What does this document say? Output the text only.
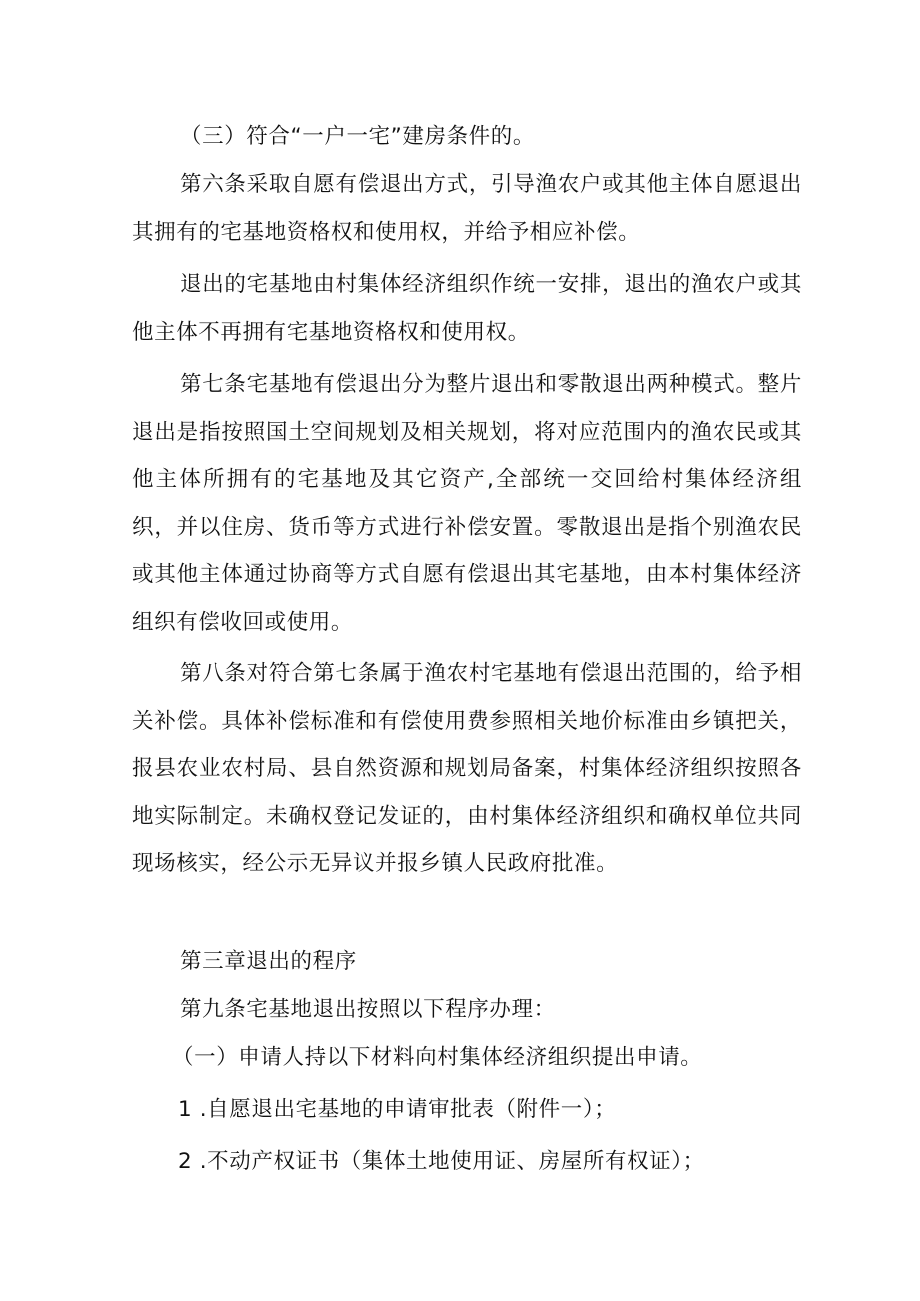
（三）符合“一户一宅”建房条件的。

第六条采取自愿有偿退出方式，引导渔农户或其他主体自愿退出其拥有的宅基地资格权和使用权，并给予相应补偿。

退出的宅基地由村集体经济组织作统一安排，退出的渔农户或其他主体不再拥有宅基地资格权和使用权。

第七条宅基地有偿退出分为整片退出和零散退出两种模式。整片退出是指按照国土空间规划及相关规划，将对应范围内的渔农民或其他主体所拥有的宅基地及其它资产,全部统一交回给村集体经济组织，并以住房、货币等方式进行补偿安置。零散退出是指个别渔农民或其他主体通过协商等方式自愿有偿退出其宅基地，由本村集体经济组织有偿收回或使用。

第八条对符合第七条属于渔农村宅基地有偿退出范围的，给予相关补偿。具体补偿标准和有偿使用费参照相关地价标准由乡镇把关，报县农业农村局、县自然资源和规划局备案，村集体经济组织按照各地实际制定。未确权登记发证的，由村集体经济组织和确权单位共同现场核实，经公示无异议并报乡镇人民政府批准。

第三章退出的程序

第九条宅基地退出按照以下程序办理：

（一）申请人持以下材料向村集体经济组织提出申请。

1 .自愿退出宅基地的申请审批表（附件一）；

2 .不动产权证书（集体土地使用证、房屋所有权证）；
